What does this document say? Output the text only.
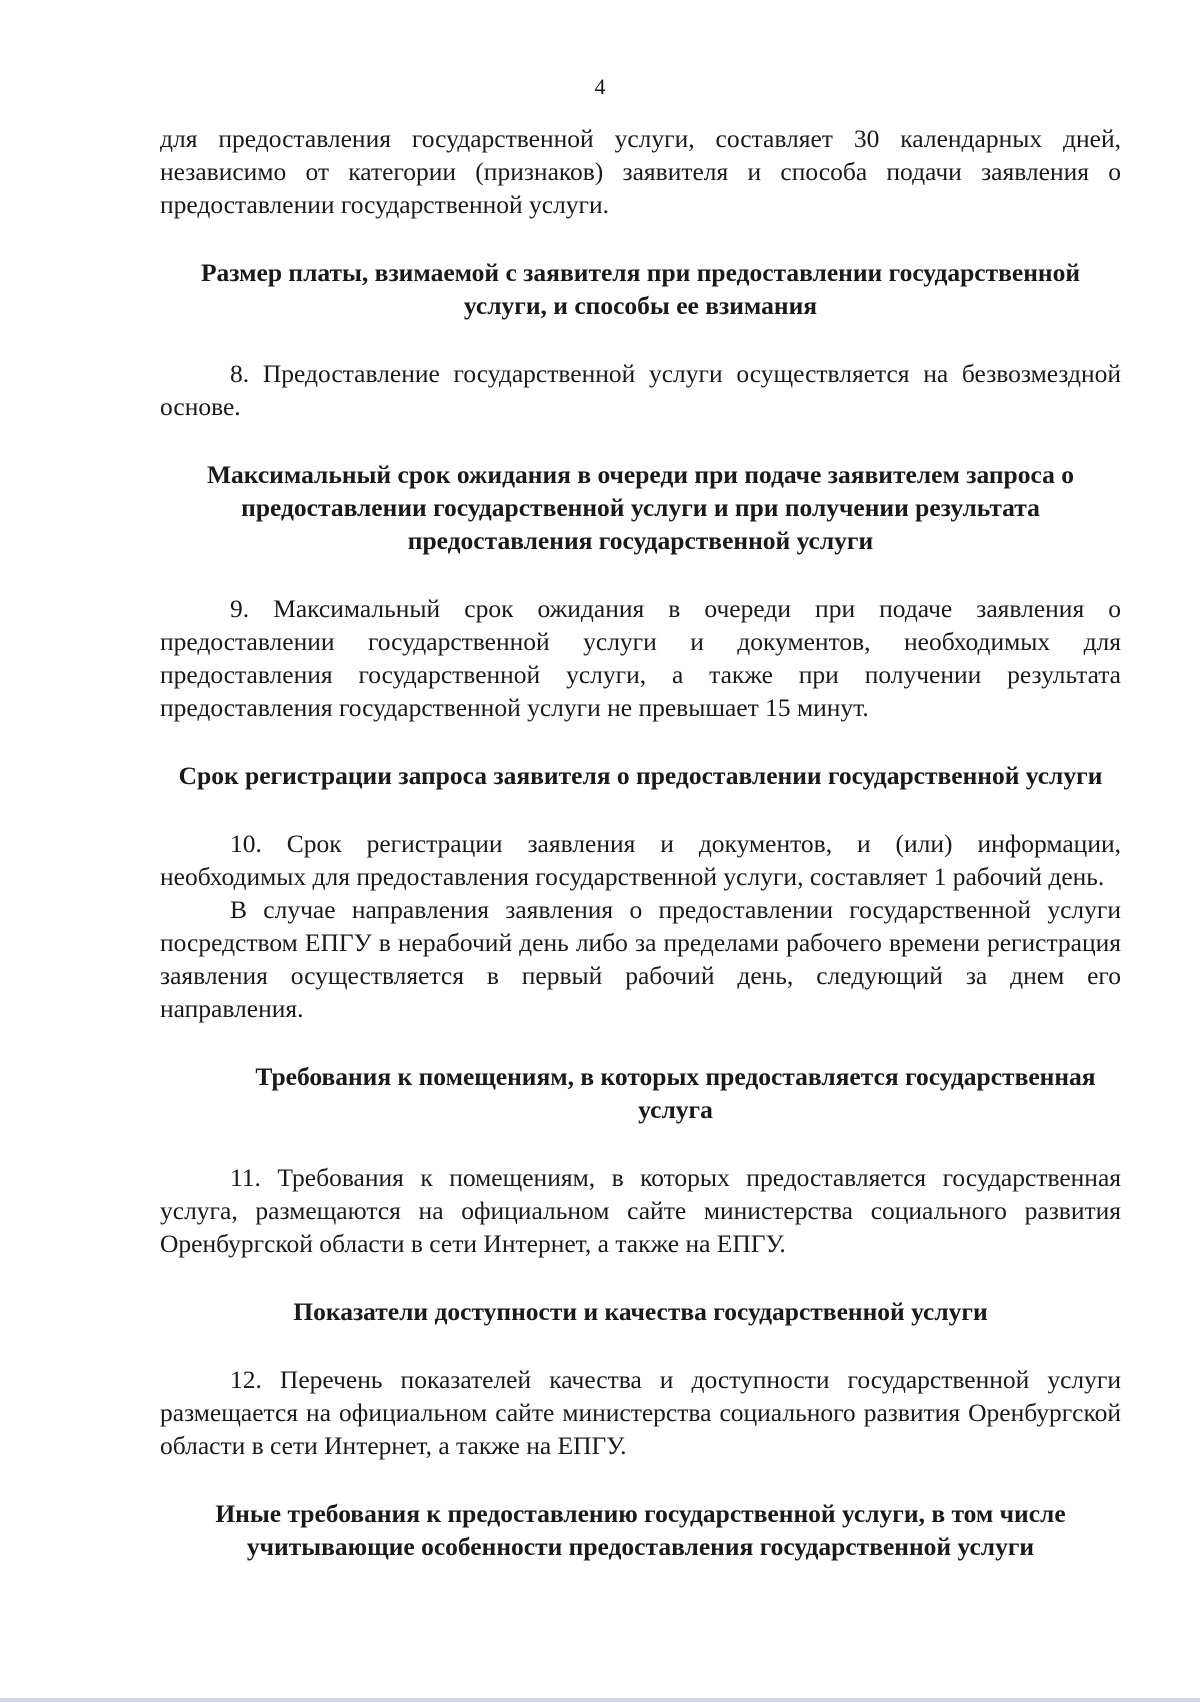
4

для предоставления государственной услуги, составляет 30 календарных дней, независимо от категории (признаков) заявителя и способа подачи заявления о предоставлении государственной услуги.

Размер платы, взимаемой с заявителя при предоставлении государственной услуги, и способы ее взимания

8. Предоставление государственной услуги осуществляется на безвозмездной основе.

Максимальный срок ожидания в очереди при подаче заявителем запроса о предоставлении государственной услуги и при получении результата предоставления государственной услуги

9. Максимальный срок ожидания в очереди при подаче заявления о предоставлении государственной услуги и документов, необходимых для предоставления государственной услуги, а также при получении результата предоставления государственной услуги не превышает 15 минут.

Срок регистрации запроса заявителя о предоставлении государственной услуги

10. Срок регистрации заявления и документов, и (или) информации, необходимых для предоставления государственной услуги, составляет 1 рабочий день.

В случае направления заявления о предоставлении государственной услуги посредством ЕПГУ в нерабочий день либо за пределами рабочего времени регистрация заявления осуществляется в первый рабочий день, следующий за днем его направления.

Требования к помещениям, в которых предоставляется государственная услуга

11. Требования к помещениям, в которых предоставляется государственная услуга, размещаются на официальном сайте министерства социального развития Оренбургской области в сети Интернет, а также на ЕПГУ.

Показатели доступности и качества государственной услуги

12. Перечень показателей качества и доступности государственной услуги размещается на официальном сайте министерства социального развития Оренбургской области в сети Интернет, а также на ЕПГУ.

Иные требования к предоставлению государственной услуги, в том числе учитывающие особенности предоставления государственной услуги
